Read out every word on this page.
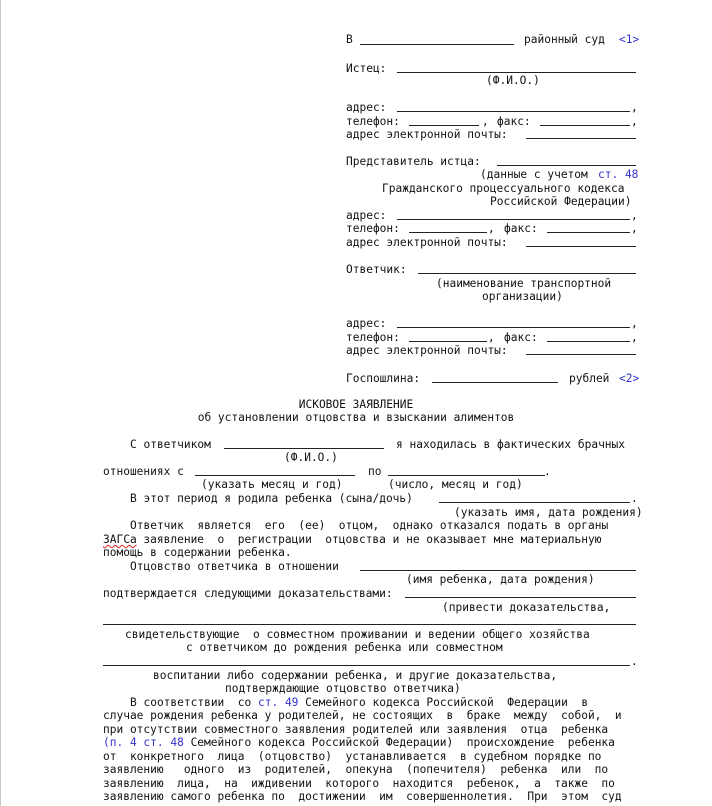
В	районный суд <1>
Истец:
(Ф.И.О.)
адрес:	,
телефон:	, факс:	,
адрес электронной почты:
Представитель истца:
(данные с учетом ст. 48
Гражданского процессуального кодекса
Российской Федерации)
адрес:	,
телефон:	, факс:	,
адрес электронной почты:
Ответчик:
(наименование транспортной
организации)
адрес:	,
телефон:	, факс:	,
адрес электронной почты:
Госпошлина:	рублей <2>
ИСКОВОЕ ЗАЯВЛЕНИЕ
об установлении отцовства и взыскании алиментов
С ответчиком	я находилась в фактических брачных
(Ф.И.О.)
отношениях с	по	.
(указать месяц и год)	(число, месяц и год)
В этот период я родила ребенка (сына/дочь)	.
(указать имя, дата рождения)
Ответчик  является  его  (ее)  отцом,  однако отказался подать в органы
ЗАГСа заявление  о  регистрации  отцовства и не оказывает мне материальную
помощь в содержании ребенка.
Отцовство ответчика в отношении
(имя ребенка, дата рождения)
подтверждается следующими доказательствами:
(привести доказательства,
свидетельствующие  о совместном проживании и ведении общего хозяйства
с ответчиком до рождения ребенка или совместном
.
воспитании либо содержании ребенка, и другие доказательства,
подтверждающие отцовство ответчика)
В соответствии  со ст. 49 Семейного кодекса Российской  Федерации  в
случае рождения ребенка у родителей, не состоящих  в  браке  между  собой,  и
при отсутствии совместного заявления родителей или заявления  отца  ребенка
(п. 4 ст. 48 Семейного кодекса Российской Федерации)  происхождение  ребенка
от  конкретного  лица  (отцовство)  устанавливается  в судебном порядке по
заявлению   одного  из  родителей,  опекуна  (попечителя)  ребенка  или  по
заявлению  лица,  на  иждивении  которого  находится  ребенок,  а  также  по
заявлению самого ребенка по  достижении  им  совершеннолетия.  При  этом  суд
